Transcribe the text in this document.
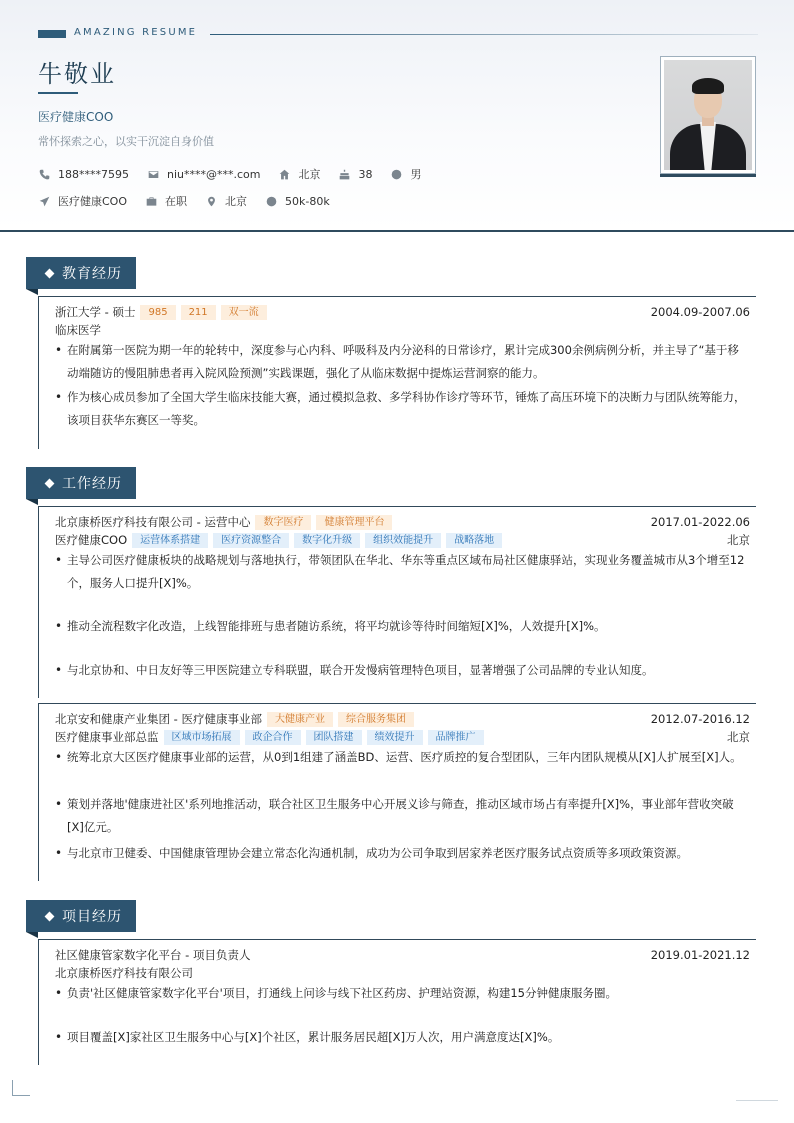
AMAZING RESUME
牛敬业
医疗健康COO
常怀探索之心，以实干沉淀自身价值
188****7595	niu****@***.com	北京	38	男
医疗健康COO	在职	北京	50k-80k
教育经历
浙江大学 - 硕士	985	211	双一流	2004.09-2007.06
临床医学
• 在附属第一医院为期一年的轮转中，深度参与心内科、呼吸科及内分泌科的日常诊疗，累计完成300余例病例分析，并主导了“基于移动端随访的慢阻肺患者再入院风险预测”实践课题，强化了从临床数据中提炼运营洞察的能力。
• 作为核心成员参加了全国大学生临床技能大赛，通过模拟急救、多学科协作诊疗等环节，锤炼了高压环境下的决断力与团队统筹能力，该项目获华东赛区一等奖。
工作经历
北京康桥医疗科技有限公司 - 运营中心	数字医疗	健康管理平台	2017.01-2022.06
医疗健康COO	运营体系搭建	医疗资源整合	数字化升级	组织效能提升	战略落地	北京
• 主导公司医疗健康板块的战略规划与落地执行，带领团队在华北、华东等重点区域布局社区健康驿站，实现业务覆盖城市从3个增至12个，服务人口提升[X]%。
• 推动全流程数字化改造，上线智能排班与患者随访系统，将平均就诊等待时间缩短[X]%，人效提升[X]%。
• 与北京协和、中日友好等三甲医院建立专科联盟，联合开发慢病管理特色项目，显著增强了公司品牌的专业认知度。
北京安和健康产业集团 - 医疗健康事业部	大健康产业	综合服务集团	2012.07-2016.12
医疗健康事业部总监	区域市场拓展	政企合作	团队搭建	绩效提升	品牌推广	北京
• 统筹北京大区医疗健康事业部的运营，从0到1组建了涵盖BD、运营、医疗质控的复合型团队，三年内团队规模从[X]人扩展至[X]人。
• 策划并落地'健康进社区'系列地推活动，联合社区卫生服务中心开展义诊与筛查，推动区域市场占有率提升[X]%，事业部年营收突破[X]亿元。
• 与北京市卫健委、中国健康管理协会建立常态化沟通机制，成功为公司争取到居家养老医疗服务试点资质等多项政策资源。
项目经历
社区健康管家数字化平台 - 项目负责人	2019.01-2021.12
北京康桥医疗科技有限公司
• 负责'社区健康管家数字化平台'项目，打通线上问诊与线下社区药房、护理站资源，构建15分钟健康服务圈。
• 项目覆盖[X]家社区卫生服务中心与[X]个社区，累计服务居民超[X]万人次，用户满意度达[X]%。
